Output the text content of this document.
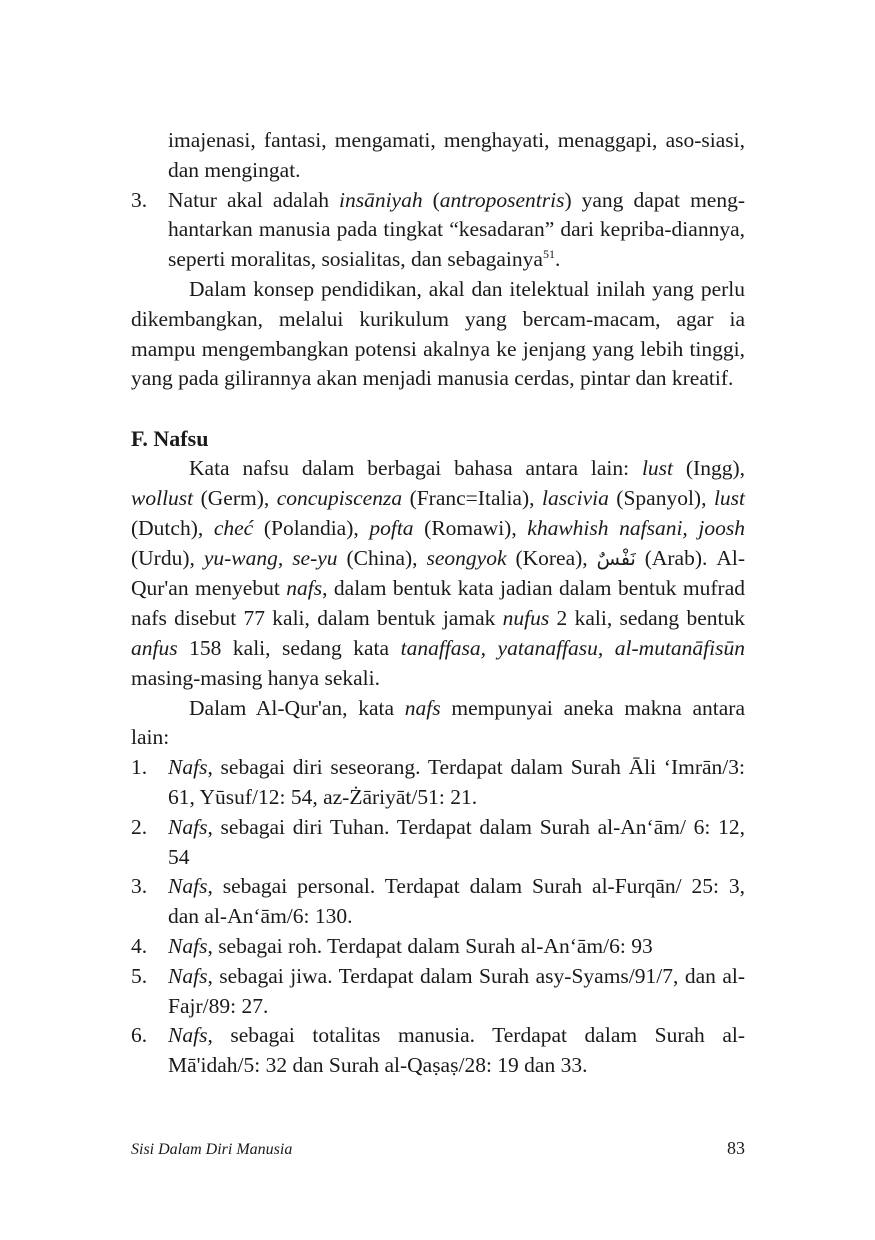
imajenasi, fantasi, mengamati, menghayati, menaggapi, aso-siasi, dan mengingat.

3. Natur akal adalah insāniyah (antroposentris) yang dapat meng-hantarkan manusia pada tingkat “kesadaran” dari kepriba-diannya, seperti moralitas, sosialitas, dan sebagainya$^{51}$.

Dalam konsep pendidikan, akal dan itelektual inilah yang perlu dikembangkan, melalui kurikulum yang bercam-macam, agar ia mampu mengembangkan potensi akalnya ke jenjang yang lebih tinggi, yang pada gilirannya akan menjadi manusia cerdas, pintar dan kreatif.

F. Nafsu

Kata nafsu dalam berbagai bahasa antara lain: lust (Ingg), wollust (Germ), concupiscenza (Franc=Italia), lascivia (Spanyol), lust (Dutch), cheć (Polandia), pofta (Romawi), khawhish nafsani, joosh (Urdu), yu-wang, se-yu (China), seongyok (Korea), نَفْسٌ (Arab). Al-Qur'an menyebut nafs, dalam bentuk kata jadian dalam bentuk mufrad nafs disebut 77 kali, dalam bentuk jamak nufus 2 kali, sedang bentuk anfus 158 kali, sedang kata tanaffasa, yatanaffasu, al-mutanāfisūn masing-masing hanya sekali.

Dalam Al-Qur'an, kata nafs mempunyai aneka makna antara lain:

1. Nafs, sebagai diri seseorang. Terdapat dalam Surah Āli ‘Imrān/3: 61, Yūsuf/12: 54, az-Żāriyāt/51: 21.
2. Nafs, sebagai diri Tuhan. Terdapat dalam Surah al-An‘ām/ 6: 12, 54
3. Nafs, sebagai personal. Terdapat dalam Surah al-Furqān/ 25: 3, dan al-An‘ām/6: 130.
4. Nafs, sebagai roh. Terdapat dalam Surah al-An‘ām/6: 93
5. Nafs, sebagai jiwa. Terdapat dalam Surah asy-Syams/91/7, dan al-Fajr/89: 27.
6. Nafs, sebagai totalitas manusia. Terdapat dalam Surah al-Mā'idah/5: 32 dan Surah al-Qaṣaṣ/28: 19 dan 33.
Sisi Dalam Diri Manusia	83
